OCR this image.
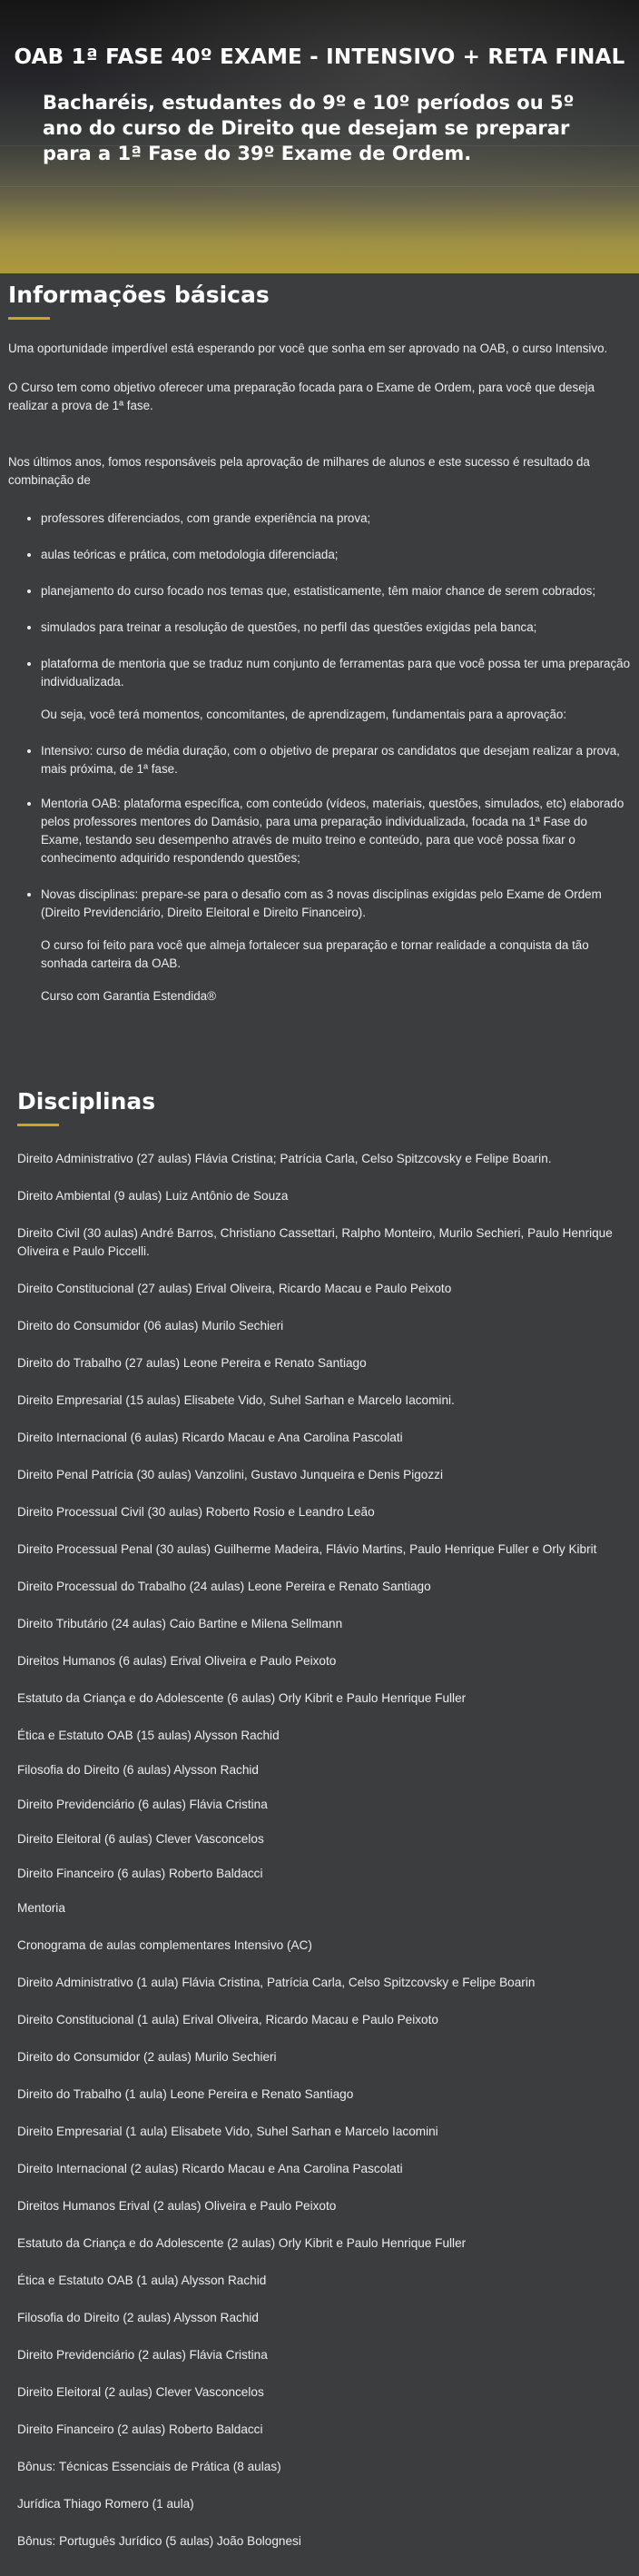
OAB 1ª FASE 40º EXAME - INTENSIVO + RETA FINAL

Bacharéis, estudantes do 9º e 10º períodos ou 5º ano do curso de Direito que desejam se preparar para a 1ª Fase do 39º Exame de Ordem.

Informações básicas

Uma oportunidade imperdível está esperando por você que sonha em ser aprovado na OAB, o curso Intensivo.

O Curso tem como objetivo oferecer uma preparação focada para o Exame de Ordem, para você que deseja realizar a prova de 1ª fase.

Nos últimos anos, fomos responsáveis pela aprovação de milhares de alunos e este sucesso é resultado da combinação de

• professores diferenciados, com grande experiência na prova;
• aulas teóricas e prática, com metodologia diferenciada;
• planejamento do curso focado nos temas que, estatisticamente, têm maior chance de serem cobrados;
• simulados para treinar a resolução de questões, no perfil das questões exigidas pela banca;
• plataforma de mentoria que se traduz num conjunto de ferramentas para que você possa ter uma preparação individualizada.

Ou seja, você terá momentos, concomitantes, de aprendizagem, fundamentais para a aprovação:

• Intensivo: curso de média duração, com o objetivo de preparar os candidatos que desejam realizar a prova, mais próxima, de 1ª fase.
• Mentoria OAB: plataforma específica, com conteúdo (vídeos, materiais, questões, simulados, etc) elaborado pelos professores mentores do Damásio, para uma preparação individualizada, focada na 1ª Fase do Exame, testando seu desempenho através de muito treino e conteúdo, para que você possa fixar o conhecimento adquirido respondendo questões;
• Novas disciplinas: prepare-se para o desafio com as 3 novas disciplinas exigidas pelo Exame de Ordem (Direito Previdenciário, Direito Eleitoral e Direito Financeiro).

O curso foi feito para você que almeja fortalecer sua preparação e tornar realidade a conquista da tão sonhada carteira da OAB.

Curso com Garantia Estendida®

Disciplinas
Direito Administrativo (27 aulas) Flávia Cristina; Patrícia Carla, Celso Spitzcovsky e Felipe Boarin.
Direito Ambiental (9 aulas) Luiz Antônio de Souza
Direito Civil (30 aulas) André Barros, Christiano Cassettari, Ralpho Monteiro, Murilo Sechieri, Paulo Henrique Oliveira e Paulo Piccelli.
Direito Constitucional (27 aulas) Erival Oliveira, Ricardo Macau e Paulo Peixoto
Direito do Consumidor (06 aulas) Murilo Sechieri
Direito do Trabalho (27 aulas) Leone Pereira e Renato Santiago
Direito Empresarial (15 aulas) Elisabete Vido, Suhel Sarhan e Marcelo Iacomini.
Direito Internacional (6 aulas) Ricardo Macau e Ana Carolina Pascolati
Direito Penal Patrícia (30 aulas) Vanzolini, Gustavo Junqueira e Denis Pigozzi
Direito Processual Civil (30 aulas) Roberto Rosio e Leandro Leão
Direito Processual Penal (30 aulas) Guilherme Madeira, Flávio Martins, Paulo Henrique Fuller e Orly Kibrit
Direito Processual do Trabalho (24 aulas) Leone Pereira e Renato Santiago
Direito Tributário (24 aulas) Caio Bartine e Milena Sellmann
Direitos Humanos (6 aulas) Erival Oliveira e Paulo Peixoto
Estatuto da Criança e do Adolescente (6 aulas) Orly Kibrit e Paulo Henrique Fuller
Ética e Estatuto OAB (15 aulas) Alysson Rachid
Filosofia do Direito (6 aulas) Alysson Rachid
Direito Previdenciário (6 aulas) Flávia Cristina
Direito Eleitoral (6 aulas) Clever Vasconcelos
Direito Financeiro (6 aulas) Roberto Baldacci
Mentoria
Cronograma de aulas complementares Intensivo (AC)
Direito Administrativo (1 aula) Flávia Cristina, Patrícia Carla, Celso Spitzcovsky e Felipe Boarin
Direito Constitucional (1 aula) Erival Oliveira, Ricardo Macau e Paulo Peixoto
Direito do Consumidor (2 aulas) Murilo Sechieri
Direito do Trabalho (1 aula) Leone Pereira e Renato Santiago
Direito Empresarial (1 aula) Elisabete Vido, Suhel Sarhan e Marcelo Iacomini
Direito Internacional (2 aulas) Ricardo Macau e Ana Carolina Pascolati
Direitos Humanos Erival (2 aulas) Oliveira e Paulo Peixoto
Estatuto da Criança e do Adolescente (2 aulas) Orly Kibrit e Paulo Henrique Fuller
Ética e Estatuto OAB (1 aula) Alysson Rachid
Filosofia do Direito (2 aulas) Alysson Rachid
Direito Previdenciário (2 aulas) Flávia Cristina
Direito Eleitoral (2 aulas) Clever Vasconcelos
Direito Financeiro (2 aulas) Roberto Baldacci
Bônus: Técnicas Essenciais de Prática (8 aulas)
Jurídica Thiago Romero (1 aula)
Bônus: Português Jurídico (5 aulas) João Bolognesi
